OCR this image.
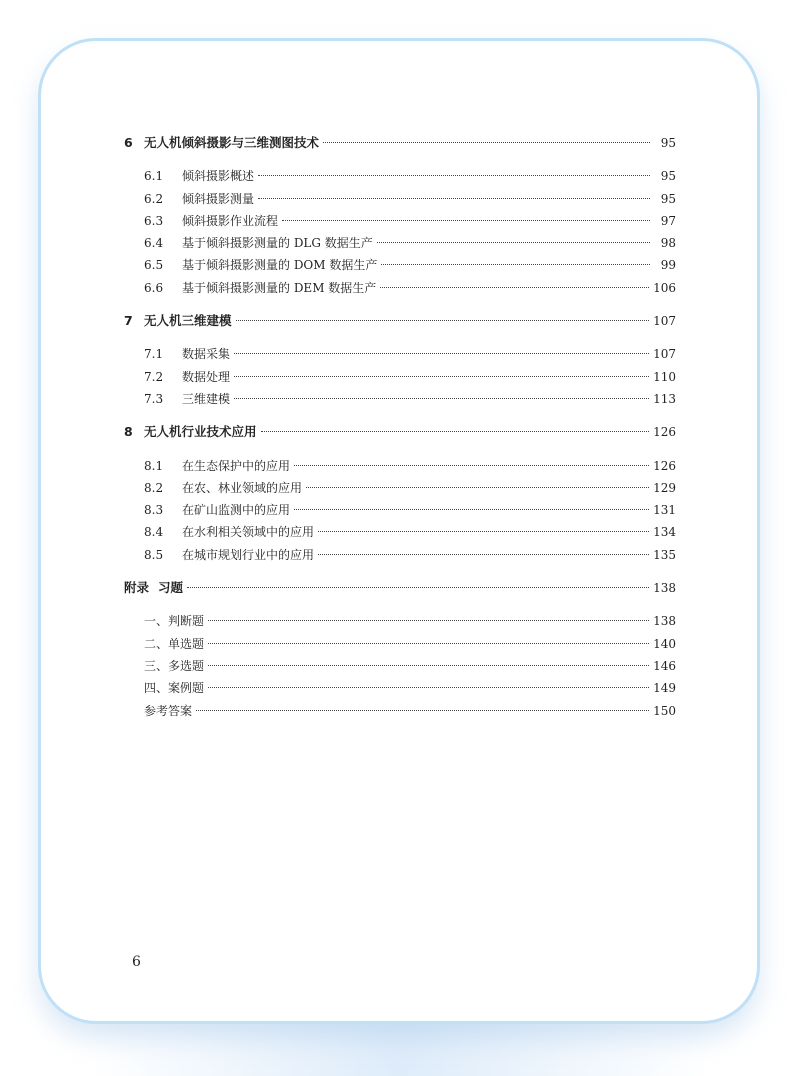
6 无人机倾斜摄影与三维测图技术	95
6.1	倾斜摄影概述	95
6.2	倾斜摄影测量	95
6.3	倾斜摄影作业流程	97
6.4	基于倾斜摄影测量的 DLG 数据生产	98
6.5	基于倾斜摄影测量的 DOM 数据生产	99
6.6	基于倾斜摄影测量的 DEM 数据生产	106
7 无人机三维建模	107
7.1	数据采集	107
7.2	数据处理	110
7.3	三维建模	113
8 无人机行业技术应用	126
8.1	在生态保护中的应用	126
8.2	在农、林业领域的应用	129
8.3	在矿山监测中的应用	131
8.4	在水利相关领域中的应用	134
8.5	在城市规划行业中的应用	135
附录 习题	138
一、判断题	138
二、单选题	140
三、多选题	146
四、案例题	149
参考答案	150
6
